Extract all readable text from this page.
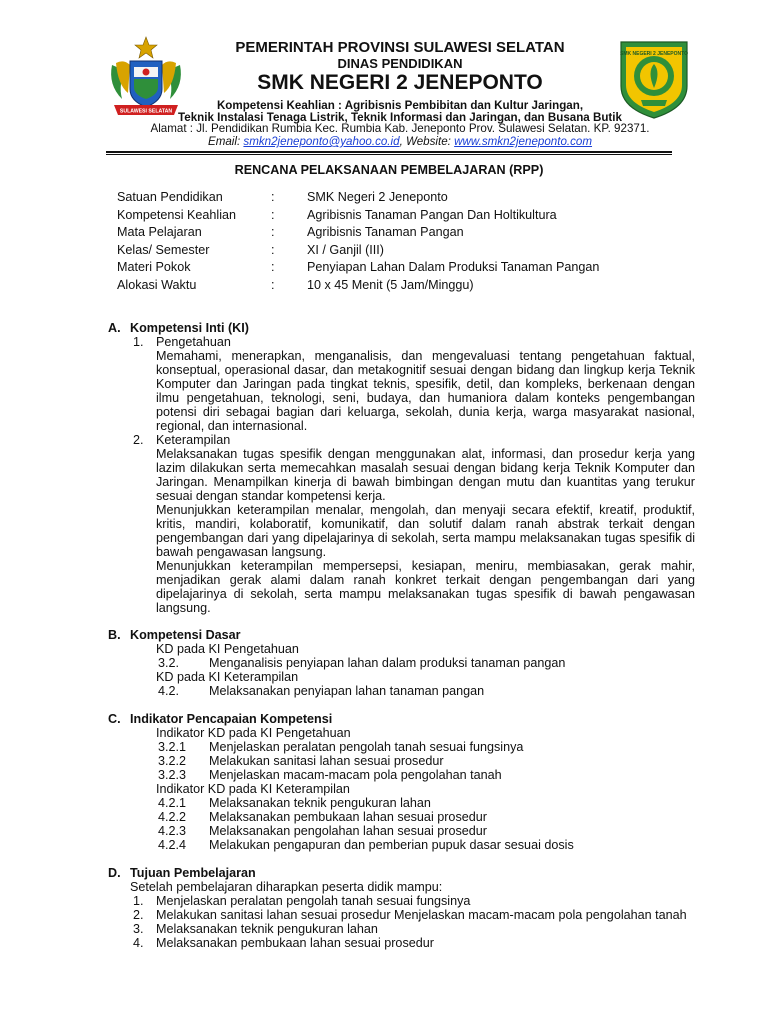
SULAWESI SELATAN
SMK NEGERI 2 JENEPONTO
PEMERINTAH PROVINSI SULAWESI SELATAN
DINAS PENDIDIKAN
SMK NEGERI 2 JENEPONTO
Kompetensi Keahlian : Agribisnis Pembibitan dan Kultur Jaringan,
Teknik Instalasi Tenaga Listrik, Teknik Informasi dan Jaringan, dan Busana Butik
Alamat : Jl. Pendidikan Rumbia Kec. Rumbia Kab. Jeneponto Prov. Sulawesi Selatan. KP. 92371.
Email: smkn2jeneponto@yahoo.co.id, Website: www.smkn2jeneponto.com
RENCANA PELAKSANAAN PEMBELAJARAN (RPP)
Satuan Pendidikan	:	SMK Negeri 2 Jeneponto
Kompetensi Keahlian	:	Agribisnis Tanaman Pangan Dan Holtikultura
Mata Pelajaran	:	Agribisnis Tanaman Pangan
Kelas/ Semester	:	XI / Ganjil (III)
Materi Pokok	:	Penyiapan Lahan Dalam Produksi Tanaman Pangan
Alokasi Waktu	:	10 x 45 Menit (5 Jam/Minggu)
A. Kompetensi Inti (KI)
1. Pengetahuan
Memahami, menerapkan, menganalisis, dan mengevaluasi tentang pengetahuan faktual, konseptual, operasional dasar, dan metakognitif sesuai dengan bidang dan lingkup kerja Teknik Komputer dan Jaringan pada tingkat teknis, spesifik, detil, dan kompleks, berkenaan dengan ilmu pengetahuan, teknologi, seni, budaya, dan humaniora dalam konteks pengembangan potensi diri sebagai bagian dari keluarga, sekolah, dunia kerja, warga masyarakat nasional, regional, dan internasional.
2. Keterampilan
Melaksanakan tugas spesifik dengan menggunakan alat, informasi, dan prosedur kerja yang lazim dilakukan serta memecahkan masalah sesuai dengan bidang kerja Teknik Komputer dan Jaringan. Menampilkan kinerja di bawah bimbingan dengan mutu dan kuantitas yang terukur sesuai dengan standar kompetensi kerja.
Menunjukkan keterampilan menalar, mengolah, dan menyaji secara efektif, kreatif, produktif, kritis, mandiri, kolaboratif, komunikatif, dan solutif dalam ranah abstrak terkait dengan pengembangan dari yang dipelajarinya di sekolah, serta mampu melaksanakan tugas spesifik di bawah pengawasan langsung.
Menunjukkan keterampilan mempersepsi, kesiapan, meniru, membiasakan, gerak mahir, menjadikan gerak alami dalam ranah konkret terkait dengan pengembangan dari yang dipelajarinya di sekolah, serta mampu melaksanakan tugas spesifik di bawah pengawasan langsung.
B. Kompetensi Dasar
KD pada KI Pengetahuan
3.2. Menganalisis penyiapan lahan dalam produksi tanaman pangan
KD pada KI Keterampilan
4.2. Melaksanakan penyiapan lahan tanaman pangan
C. Indikator Pencapaian Kompetensi
Indikator KD pada KI Pengetahuan
3.2.1 Menjelaskan peralatan pengolah tanah sesuai fungsinya
3.2.2 Melakukan sanitasi lahan sesuai prosedur
3.2.3 Menjelaskan macam-macam pola pengolahan tanah
Indikator KD pada KI Keterampilan
4.2.1 Melaksanakan teknik pengukuran lahan
4.2.2 Melaksanakan pembukaan lahan sesuai prosedur
4.2.3 Melaksanakan pengolahan lahan sesuai prosedur
4.2.4 Melakukan pengapuran dan pemberian pupuk dasar sesuai dosis
D. Tujuan Pembelajaran
Setelah pembelajaran diharapkan peserta didik mampu:
1. Menjelaskan peralatan pengolah tanah sesuai fungsinya
2. Melakukan sanitasi lahan sesuai prosedur Menjelaskan macam-macam pola pengolahan tanah
3. Melaksanakan teknik pengukuran lahan
4. Melaksanakan pembukaan lahan sesuai prosedur
